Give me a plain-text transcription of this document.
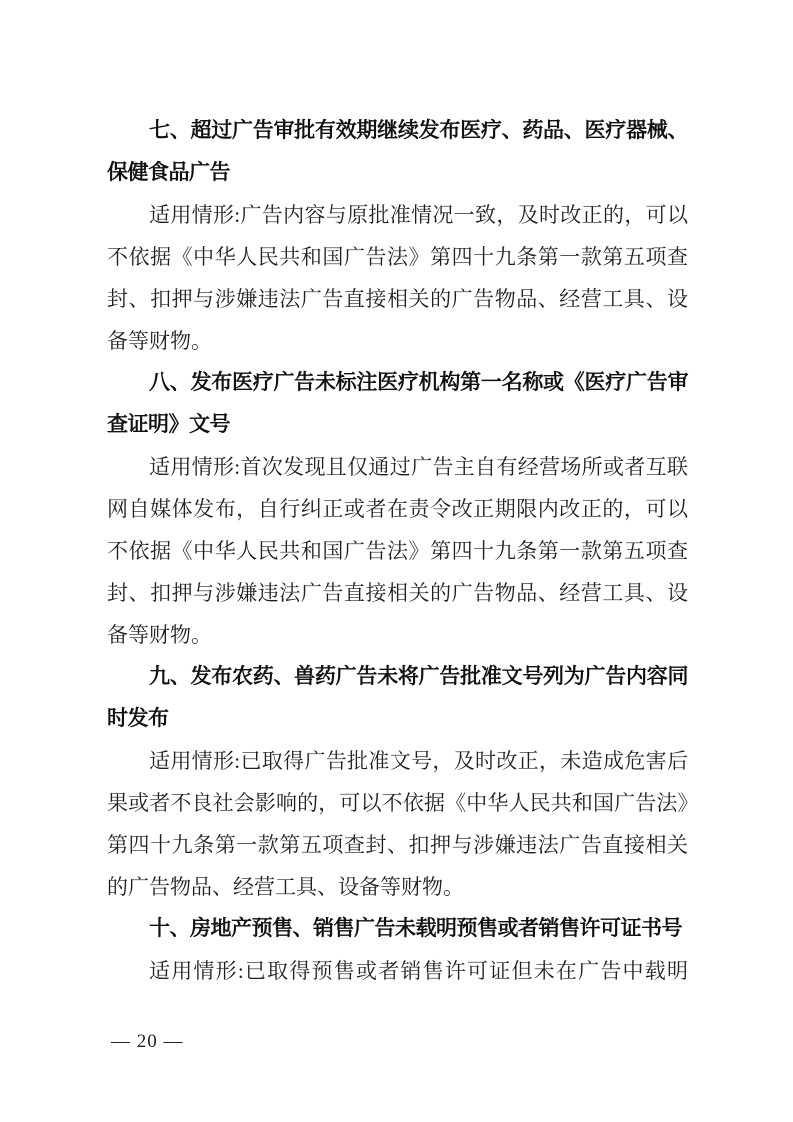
七、超过广告审批有效期继续发布医疗、药品、医疗器械、保健食品广告

适用情形:广告内容与原批准情况一致，及时改正的，可以不依据《中华人民共和国广告法》第四十九条第一款第五项查封、扣押与涉嫌违法广告直接相关的广告物品、经营工具、设备等财物。

八、发布医疗广告未标注医疗机构第一名称或《医疗广告审查证明》文号

适用情形:首次发现且仅通过广告主自有经营场所或者互联网自媒体发布，自行纠正或者在责令改正期限内改正的，可以不依据《中华人民共和国广告法》第四十九条第一款第五项查封、扣押与涉嫌违法广告直接相关的广告物品、经营工具、设备等财物。

九、发布农药、兽药广告未将广告批准文号列为广告内容同时发布

适用情形:已取得广告批准文号，及时改正，未造成危害后果或者不良社会影响的，可以不依据《中华人民共和国广告法》第四十九条第一款第五项查封、扣押与涉嫌违法广告直接相关的广告物品、经营工具、设备等财物。

十、房地产预售、销售广告未载明预售或者销售许可证书号

适用情形:已取得预售或者销售许可证但未在广告中载明

— 20 —
